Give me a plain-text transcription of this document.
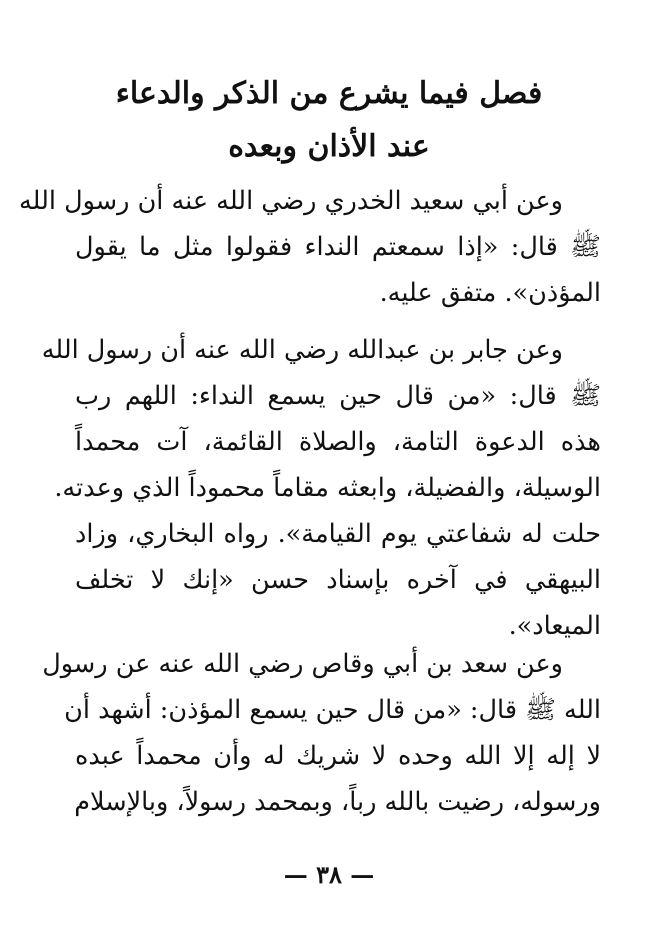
فصل فيما يشرع من الذكر والدعاء
عند الأذان وبعده
وعن أبي سعيد الخدري رضي الله عنه أن رسول الله
ﷺ قال: «إذا سمعتم النداء فقولوا مثل ما يقول
المؤذن». متفق عليه.
وعن جابر بن عبدالله رضي الله عنه أن رسول الله
ﷺ قال: «من قال حين يسمع النداء: اللهم رب
هذه الدعوة التامة، والصلاة القائمة، آت محمداً
الوسيلة، والفضيلة، وابعثه مقاماً محموداً الذي وعدته.
حلت له شفاعتي يوم القيامة». رواه البخاري، وزاد
البيهقي في آخره بإسناد حسن «إنك لا تخلف
الميعاد».
وعن سعد بن أبي وقاص رضي الله عنه عن رسول
الله ﷺ قال: «من قال حين يسمع المؤذن: أشهد أن
لا إله إلا الله وحده لا شريك له وأن محمداً عبده
ورسوله، رضيت بالله رباً، وبمحمد رسولاً، وبالإسلام
— ٣٨ —
